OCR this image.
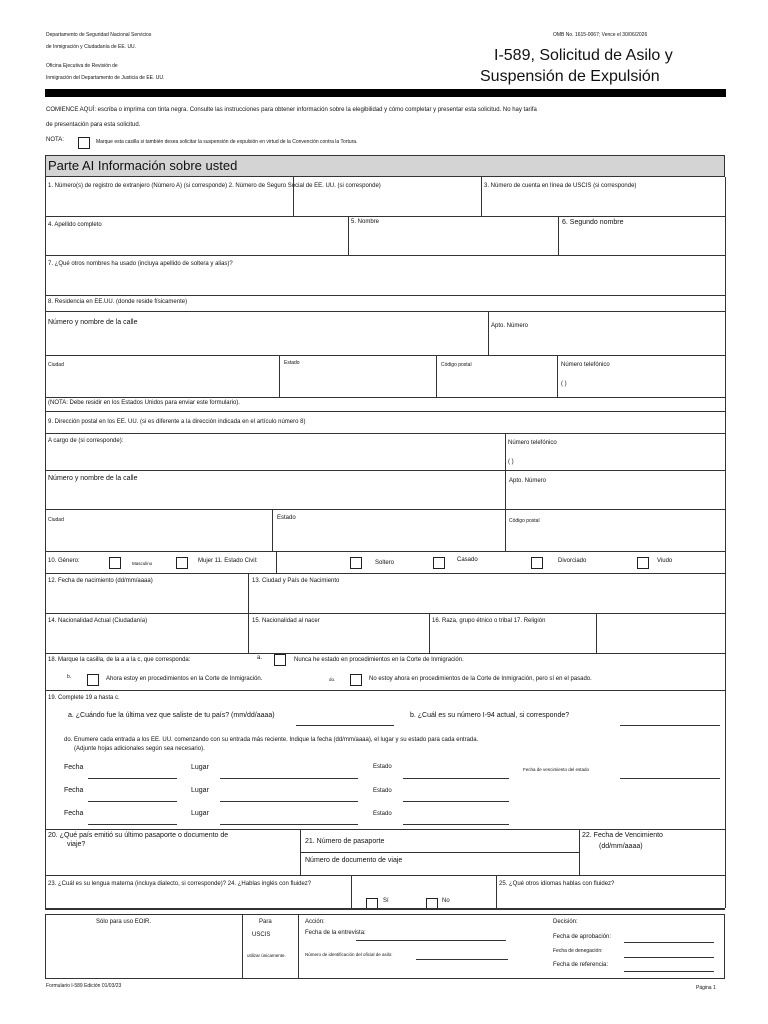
Departamento de Seguridad Nacional Servicios
de Inmigración y Ciudadanía de EE. UU.
Oficina Ejecutiva de Revisión de
Inmigración del Departamento de Justicia de EE. UU.
OMB No. 1615-0067; Vence el 30/06/2026
I-589, Solicitud de Asilo y
Suspensión de Expulsión
COMIENCE AQUÍ: escriba o imprima con tinta negra. Consulte las instrucciones para obtener información sobre la elegibilidad y cómo completar y presentar esta solicitud. No hay tarifa
de presentación para esta solicitud.
NOTA:	Marque esta casilla si también desea solicitar la suspensión de expulsión en virtud de la Convención contra la Tortura.
Parte AI Información sobre usted
1. Número(s) de registro de extranjero (Número A) (si corresponde) 2. Número de Seguro Social de EE. UU. (si corresponde)	3. Número de cuenta en línea de USCIS (si corresponde)
4. Apellido completo	5. Nombre	6. Segundo nombre
7. ¿Qué otros nombres ha usado (incluya apellido de soltera y alias)?
8. Residencia en EE.UU. (donde reside físicamente)
Número y nombre de la calle	Apto. Número
Ciudad	Estado	Código postal	Número telefónico
( )
(NOTA: Debe residir en los Estados Unidos para enviar este formulario).
9. Dirección postal en los EE. UU. (si es diferente a la dirección indicada en el artículo número 8)
A cargo de (si corresponde):	Número telefónico
( )
Número y nombre de la calle	Apto. Número
Ciudad	Estado	Código postal
10. Género:	Masculino	Mujer 11. Estado Civil:	Soltero	Casado	Divorciado	Viudo
12. Fecha de nacimiento (dd/mm/aaaa)	13. Ciudad y País de Nacimiento
14. Nacionalidad Actual (Ciudadanía)	15. Nacionalidad al nacer	16. Raza, grupo étnico o tribal 17. Religión
18. Marque la casilla, de la a a la c, que corresponda:	a.	Nunca he estado en procedimientos en la Corte de Inmigración.
b.	Ahora estoy en procedimientos en la Corte de Inmigración.	do.	No estoy ahora en procedimientos de la Corte de Inmigración, pero sí en el pasado.
19. Complete 19 a hasta c.
a. ¿Cuándo fue la última vez que saliste de tu país? (mm/dd/aaaa)	b. ¿Cuál es su número I-94 actual, si corresponde?
do. Enumere cada entrada a los EE. UU. comenzando con su entrada más reciente. Indique la fecha (dd/mm/aaaa), el lugar y su estado para cada entrada.
(Adjunte hojas adicionales según sea necesario).
Fecha	Lugar	Estado	Fecha de vencimiento del estado
Fecha	Lugar	Estado
Fecha	Lugar	Estado
20. ¿Qué país emitió su último pasaporte o documento de
viaje?	21. Número de pasaporte
Número de documento de viaje
22. Fecha de Vencimiento
(dd/mm/aaaa)
23. ¿Cuál es su lengua materna (incluya dialecto, si corresponde)? 24. ¿Hablas inglés con fluidez?
Sí	No
25. ¿Qué otros idiomas hablas con fluidez?
Sólo para uso EOIR.	Para
USCIS
utilizar únicamente.
Acción:
Fecha de la entrevista:
Número de identificación del oficial de asilo:
Decisión:
Fecha de aprobación:
Fecha de denegación:
Fecha de referencia:
Formulario I-589 Edición 01/03/23	Página 1
